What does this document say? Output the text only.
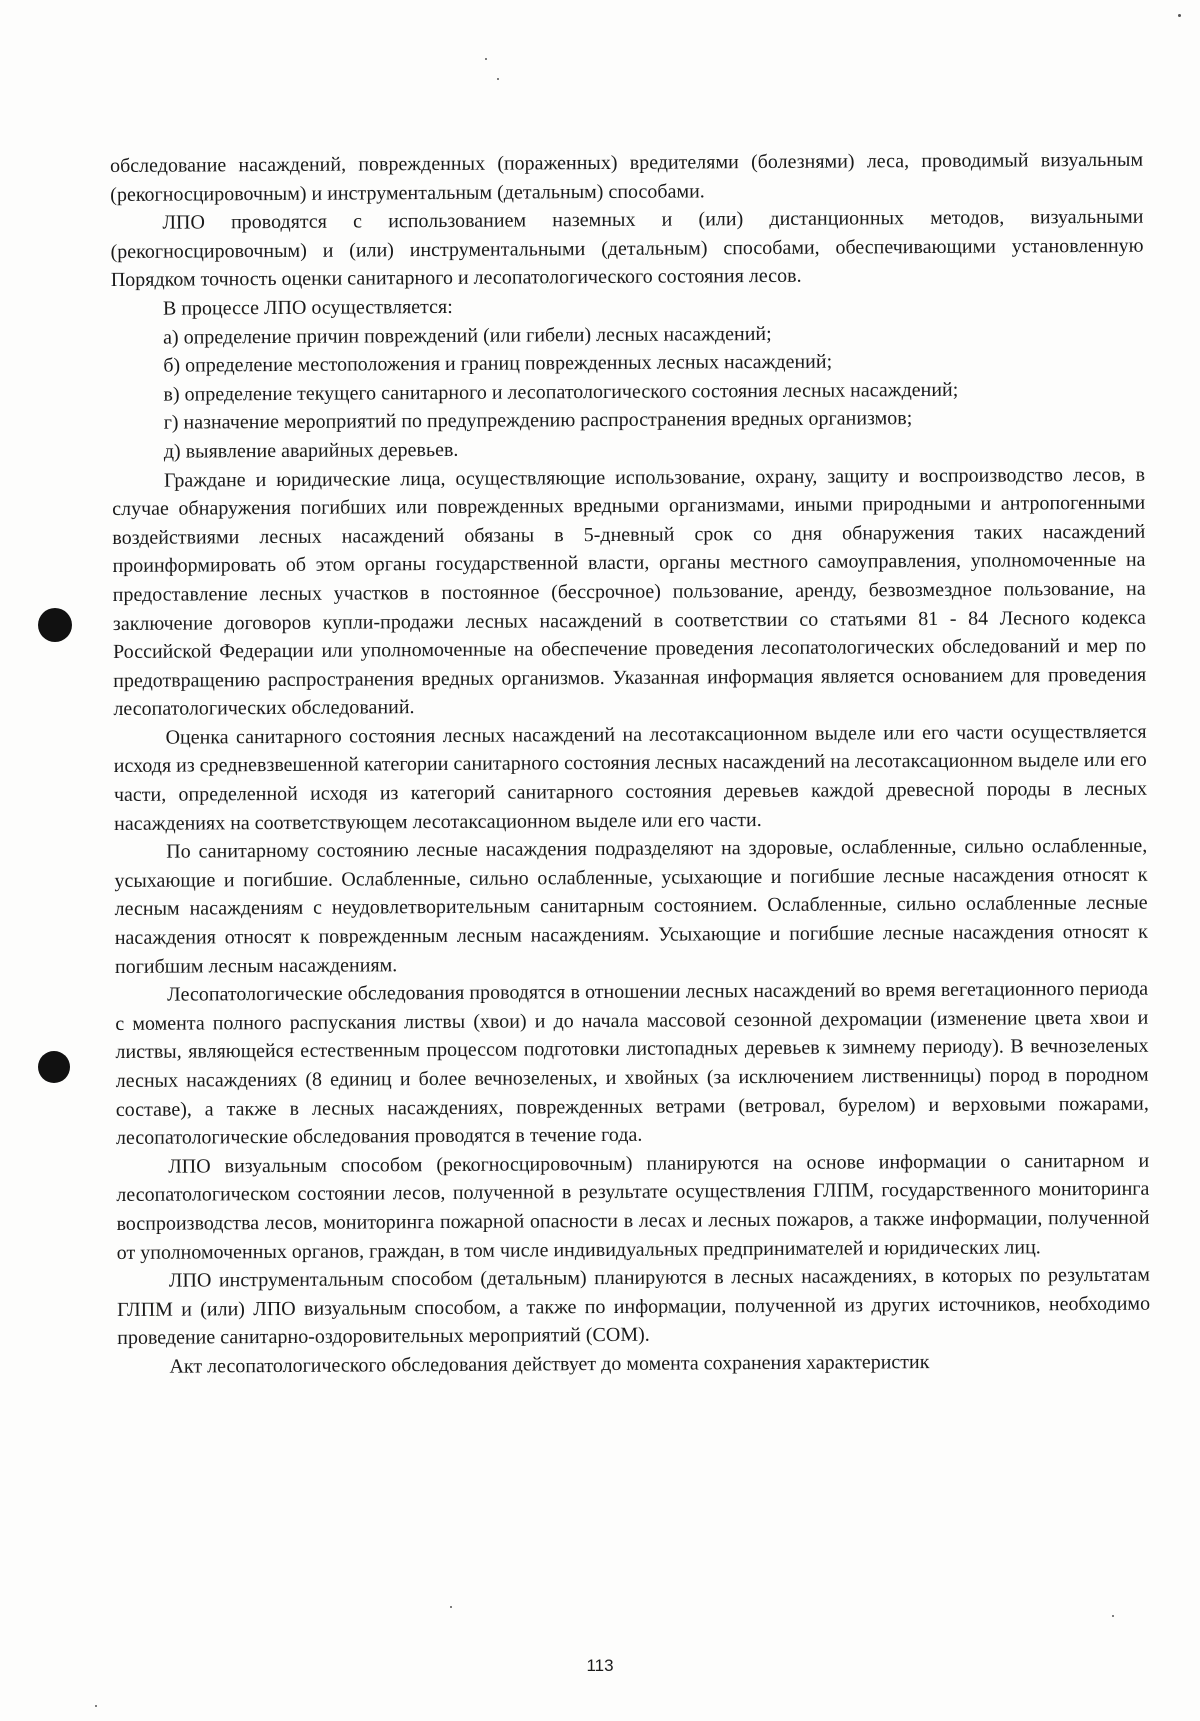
обследование насаждений, поврежденных (пораженных) вредителями (болезнями) леса, проводимый визуальным (рекогносцировочным) и инструментальным (детальным) способами.

ЛПО проводятся с использованием наземных и (или) дистанционных методов, визуальными (рекогносцировочным) и (или) инструментальными (детальным) способами, обеспечивающими установленную Порядком точность оценки санитарного и лесопатологического состояния лесов.

В процессе ЛПО осуществляется:

а) определение причин повреждений (или гибели) лесных насаждений;

б) определение местоположения и границ поврежденных лесных насаждений;

в) определение текущего санитарного и лесопатологического состояния лесных насаждений;

г) назначение мероприятий по предупреждению распространения вредных организмов;

д) выявление аварийных деревьев.

Граждане и юридические лица, осуществляющие использование, охрану, защиту и воспроизводство лесов, в случае обнаружения погибших или поврежденных вредными организмами, иными природными и антропогенными воздействиями лесных насаждений обязаны в 5-дневный срок со дня обнаружения таких насаждений проинформировать об этом органы государственной власти, органы местного самоуправления, уполномоченные на предоставление лесных участков в постоянное (бессрочное) пользование, аренду, безвозмездное пользование, на заключение договоров купли-продажи лесных насаждений в соответствии со статьями 81 - 84 Лесного кодекса Российской Федерации или уполномоченные на обеспечение проведения лесопатологических обследований и мер по предотвращению распространения вредных организмов. Указанная информация является основанием для проведения лесопатологических обследований.

Оценка санитарного состояния лесных насаждений на лесотаксационном выделе или его части осуществляется исходя из средневзвешенной категории санитарного состояния лесных насаждений на лесотаксационном выделе или его части, определенной исходя из категорий санитарного состояния деревьев каждой древесной породы в лесных насаждениях на соответствующем лесотаксационном выделе или его части.

По санитарному состоянию лесные насаждения подразделяют на здоровые, ослабленные, сильно ослабленные, усыхающие и погибшие. Ослабленные, сильно ослабленные, усыхающие и погибшие лесные насаждения относят к лесным насаждениям с неудовлетворительным санитарным состоянием. Ослабленные, сильно ослабленные лесные насаждения относят к поврежденным лесным насаждениям. Усыхающие и погибшие лесные насаждения относят к погибшим лесным насаждениям.

Лесопатологические обследования проводятся в отношении лесных насаждений во время вегетационного периода с момента полного распускания листвы (хвои) и до начала массовой сезонной дехромации (изменение цвета хвои и листвы, являющейся естественным процессом подготовки листопадных деревьев к зимнему периоду). В вечнозеленых лесных насаждениях (8 единиц и более вечнозеленых, и хвойных (за исключением лиственницы) пород в породном составе), а также в лесных насаждениях, поврежденных ветрами (ветровал, бурелом) и верховыми пожарами, лесопатологические обследования проводятся в течение года.

ЛПО визуальным способом (рекогносцировочным) планируются на основе информации о санитарном и лесопатологическом состоянии лесов, полученной в результате осуществления ГЛПМ, государственного мониторинга воспроизводства лесов, мониторинга пожарной опасности в лесах и лесных пожаров, а также информации, полученной от уполномоченных органов, граждан, в том числе индивидуальных предпринимателей и юридических лиц.

ЛПО инструментальным способом (детальным) планируются в лесных насаждениях, в которых по результатам ГЛПМ и (или) ЛПО визуальным способом, а также по информации, полученной из других источников, необходимо проведение санитарно-оздоровительных мероприятий (СОМ).

Акт лесопатологического обследования действует до момента сохранения характеристик

113
